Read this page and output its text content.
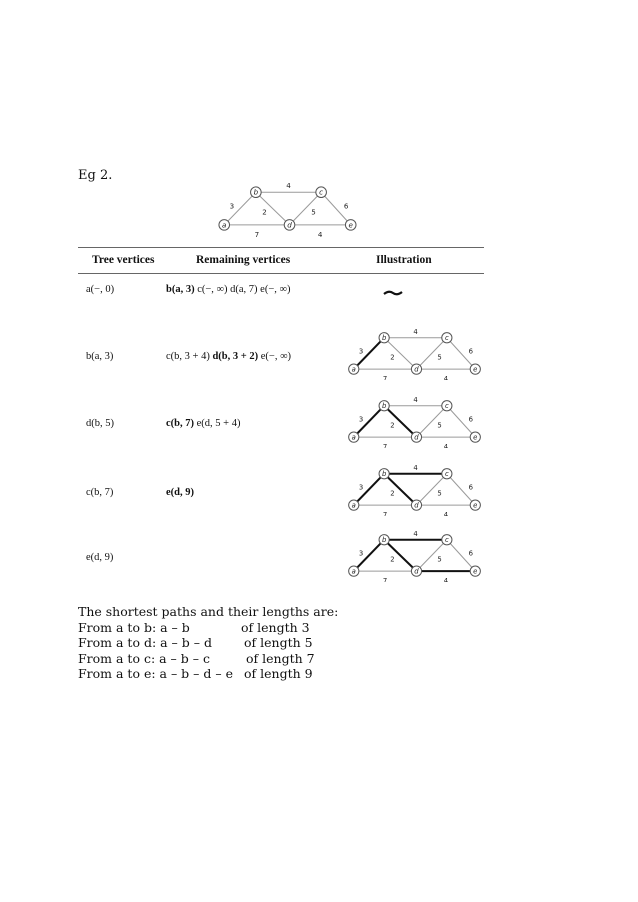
Eg 2.
3
4
2
7
5
6
4
a
b	c
d	e
Tree vertices	Remaining vertices	Illustration
a(−, 0)	b(a, 3) c(−, ∞) d(a, 7) e(−, ∞)
b(a, 3)	c(b, 3 + 4) d(b, 3 + 2) e(−, ∞)
d(b, 5)	c(b, 7) e(d, 5 + 4)
c(b, 7)	e(d, 9)
e(d, 9)
3
4
2
7
5
6
4
a
b	c
d	e
3
4
2
7
5
6
4
a
b	c
d	e
3
4
2
7
5
6
4
a
b	c
d	e
3
4
2
7
5
6
4
a
b	c
d	e
The shortest paths and their lengths are:
From a to b: a – b	of length 3
From a to d: a – b – d	of length 5
From a to c: a – b – c	of length 7
From a to e: a – b – d – e of length 9
